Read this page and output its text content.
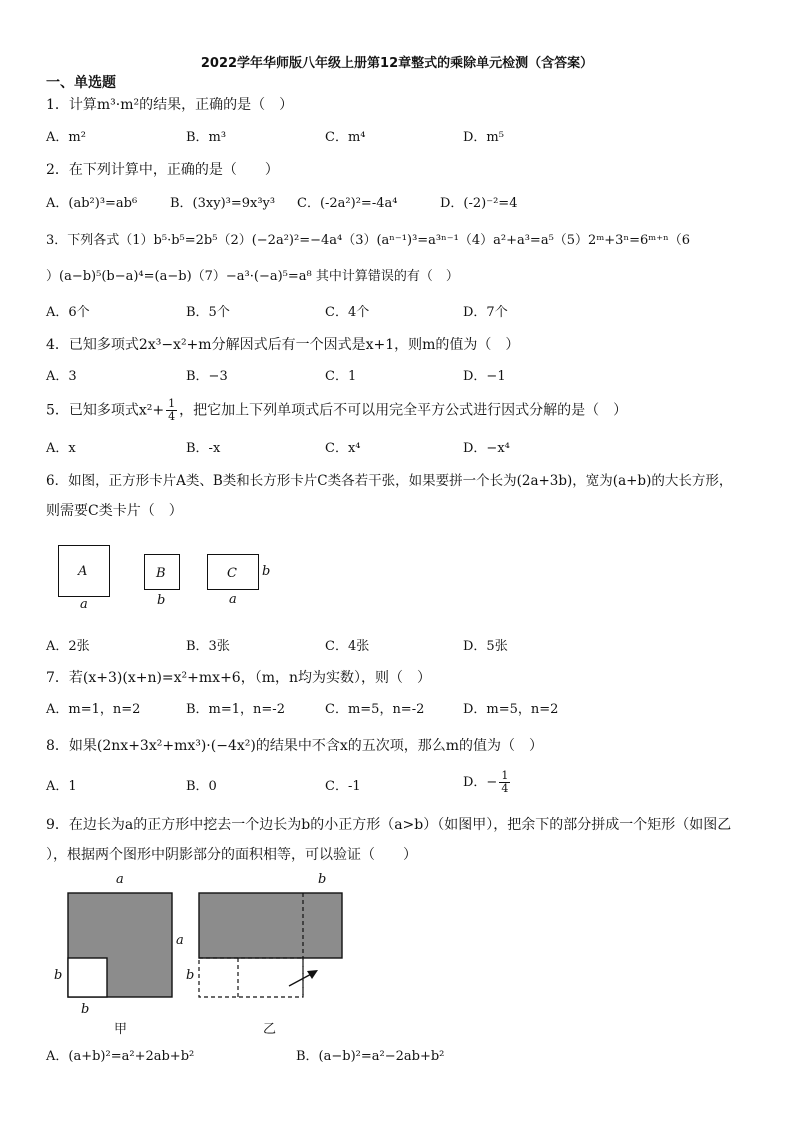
2022学年华师版八年级上册第12章整式的乘除单元检测（含答案）
一、单选题
1．计算m³·m²的结果，正确的是（　）
A．m²	B．m³	C．m⁴	D．m⁵
2．在下列计算中，正确的是（　　）
A．(ab²)³=ab⁶	B．(3xy)³=9x³y³ C．(-2a²)²=-4a⁴	D．(-2)⁻²=4
3．下列各式（1）b⁵·b⁵=2b⁵（2）(−2a²)²=−4a⁴（3）(aⁿ⁻¹)³=a³ⁿ⁻¹（4）a²+a³=a⁵（5）2ᵐ+3ⁿ=6ᵐ⁺ⁿ（6
）(a−b)⁵(b−a)⁴=(a−b)（7）−a³·(−a)⁵=a⁸ 其中计算错误的有（　）
A．6个	B．5个	C．4个	D．7个
4．已知多项式2x³−x²+m分解因式后有一个因式是x+1，则m的值为（　）
A．3	B．−3	C．1	D．−1
5．已知多项式$x^2+ \frac{1}{4}$ ，把它加上下列单项式后不可以用完全平方公式进行因式分解的是（　）
A．x	B．-x	C．x⁴	D．−x⁴
6．如图，正方形卡片A类、B类和长方形卡片C类各若干张，如果要拼一个长为(2a+3b)，宽为(a+b)的大长方形，
则需要C类卡片（　）
A
a
B
b
C
a
b
A．2张	B．3张	C．4张	D．5张
7．若(x+3)(x+n)=x²+mx+6，（m，n均为实数），则（　）
A．m=1，n=2	B．m=1，n=-2	C．m=5，n=-2	D．m=5，n=2
8．如果(2nx+3x²+mx³)·(−4x²)的结果中不含x的五次项，那么m的值为（　）
A．1	B．0	C．-1	D．− $\frac{1}{4}$
9．在边长为a的正方形中挖去一个边长为b的小正方形（a>b）（如图甲），把余下的部分拼成一个矩形（如图乙
），根据两个图形中阴影部分的面积相等，可以验证（　　）
a
a
b
b
甲
b
b
乙
A．(a+b)²=a²+2ab+b²	B．(a−b)²=a²−2ab+b²
